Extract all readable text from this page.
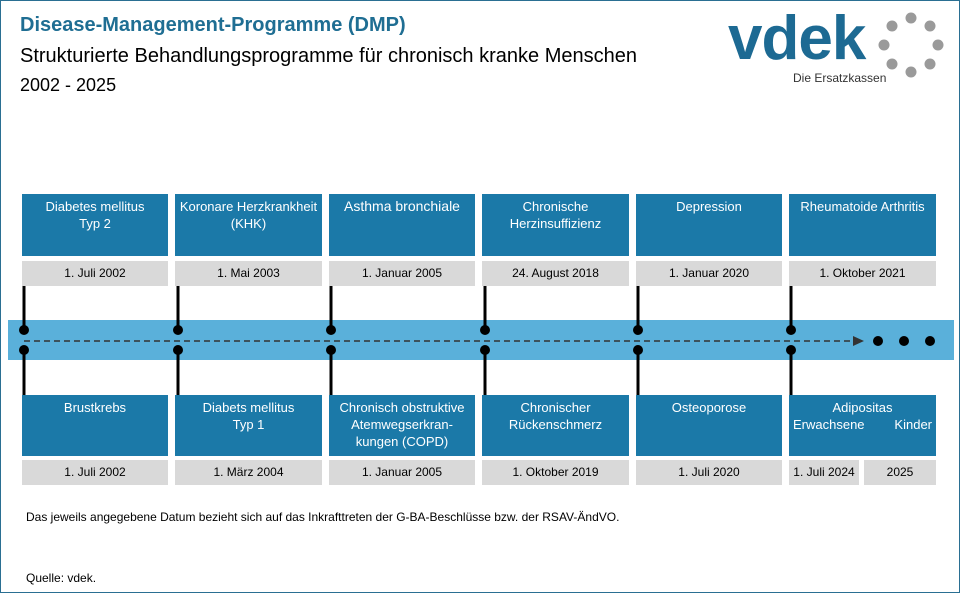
Disease-Management-Programme (DMP)
Strukturierte Behandlungsprogramme für chronisch kranke Menschen
2002 - 2025
vdek
Die Ersatzkassen
Diabetes mellitus
Typ 2
1. Juli 2002
Koronare Herzkrankheit
(KHK)
1. Mai 2003
Asthma bronchiale
1. Januar 2005
Chronische
Herzinsuffizienz
24. August 2018
Depression
1. Januar 2020
Rheumatoide Arthritis
1. Oktober 2021
Brustkrebs
1. Juli 2002
Diabets mellitus
Typ 1
1. März 2004
Chronisch obstruktive
Atemwegserkran-
kungen (COPD)
1. Januar 2005
Chronischer
Rückenschmerz
1. Oktober 2019
Osteoporose
1. Juli 2020
Adipositas
Erwachsene Kinder
1. Juli 2024	2025
Das jeweils angegebene Datum bezieht sich auf das Inkrafttreten der G-BA-Beschlüsse bzw. der RSAV-ÄndVO.
Quelle: vdek.
